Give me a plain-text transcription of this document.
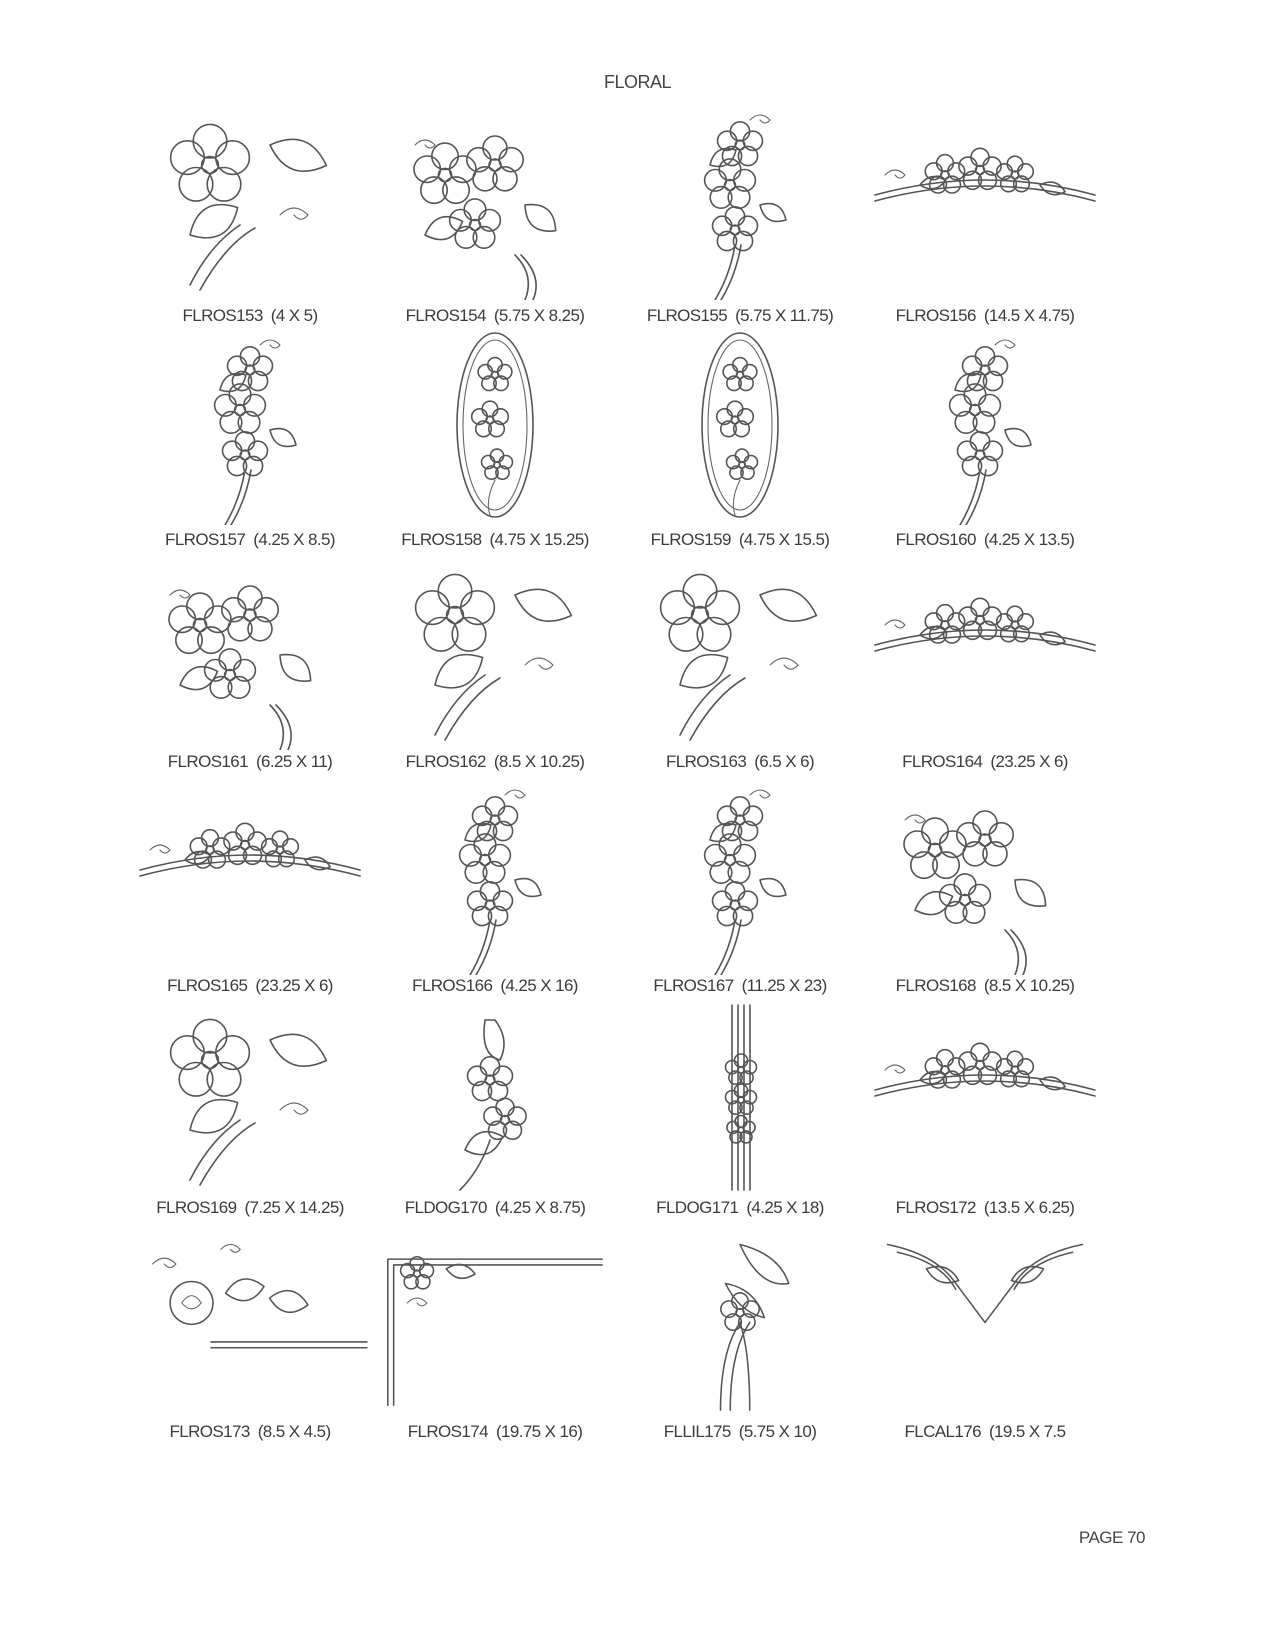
FLORAL
FLROS153 (4 X 5)	FLROS154 (5.75 X 8.25)	FLROS155 (5.75 X 11.75)	FLROS156 (14.5 X 4.75)
FLROS157 (4.25 X 8.5)	FLROS158 (4.75 X 15.25)	FLROS159 (4.75 X 15.5)	FLROS160 (4.25 X 13.5)
FLROS161 (6.25 X 11)	FLROS162 (8.5 X 10.25)	FLROS163 (6.5 X 6)	FLROS164 (23.25 X 6)
FLROS165 (23.25 X 6)	FLROS166 (4.25 X 16)	FLROS167 (11.25 X 23)	FLROS168 (8.5 X 10.25)
FLROS169 (7.25 X 14.25)	FLDOG170 (4.25 X 8.75)	FLDOG171 (4.25 X 18)	FLROS172 (13.5 X 6.25)
FLROS173 (8.5 X 4.5)	FLROS174 (19.75 X 16)	FLLIL175 (5.75 X 10)	FLCAL176 (19.5 X 7.5
PAGE 70
